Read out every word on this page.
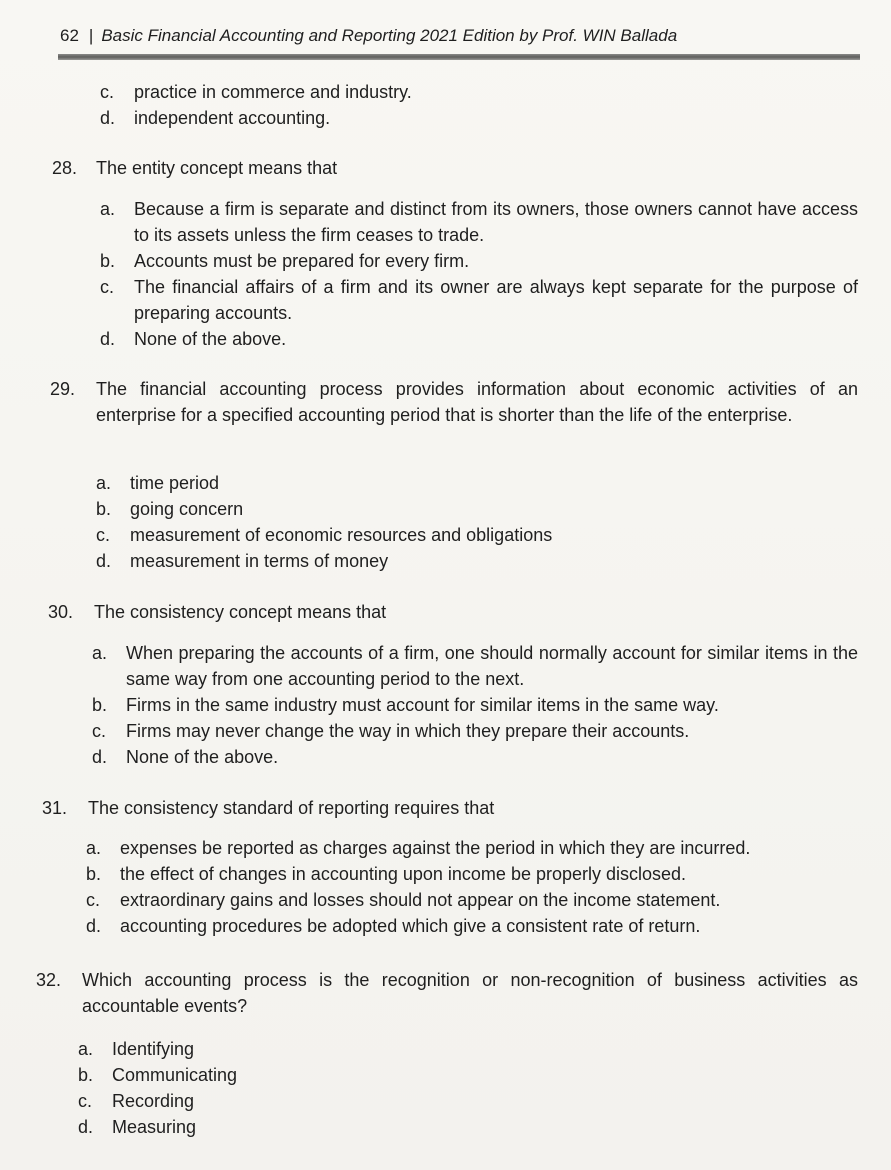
62 | Basic Financial Accounting and Reporting 2021 Edition by Prof. WIN Ballada
c.	practice in commerce and industry.
d.	independent accounting.
28.	The entity concept means that
a.	Because a firm is separate and distinct from its owners, those owners cannot have access to its assets unless the firm ceases to trade.
b.	Accounts must be prepared for every firm.
c.	The financial affairs of a firm and its owner are always kept separate for the purpose of preparing accounts.
d.	None of the above.
29.	The financial accounting process provides information about economic activities of an enterprise for a specified accounting period that is shorter than the life of the enterprise.
a.	time period
b.	going concern
c.	measurement of economic resources and obligations
d.	measurement in terms of money
30.	The consistency concept means that
a.	When preparing the accounts of a firm, one should normally account for similar items in the same way from one accounting period to the next.
b.	Firms in the same industry must account for similar items in the same way.
c.	Firms may never change the way in which they prepare their accounts.
d.	None of the above.
31.	The consistency standard of reporting requires that
a.	expenses be reported as charges against the period in which they are incurred.
b.	the effect of changes in accounting upon income be properly disclosed.
c.	extraordinary gains and losses should not appear on the income statement.
d.	accounting procedures be adopted which give a consistent rate of return.
32.	Which accounting process is the recognition or non-recognition of business activities as accountable events?
a.	Identifying
b.	Communicating
c.	Recording
d.	Measuring
